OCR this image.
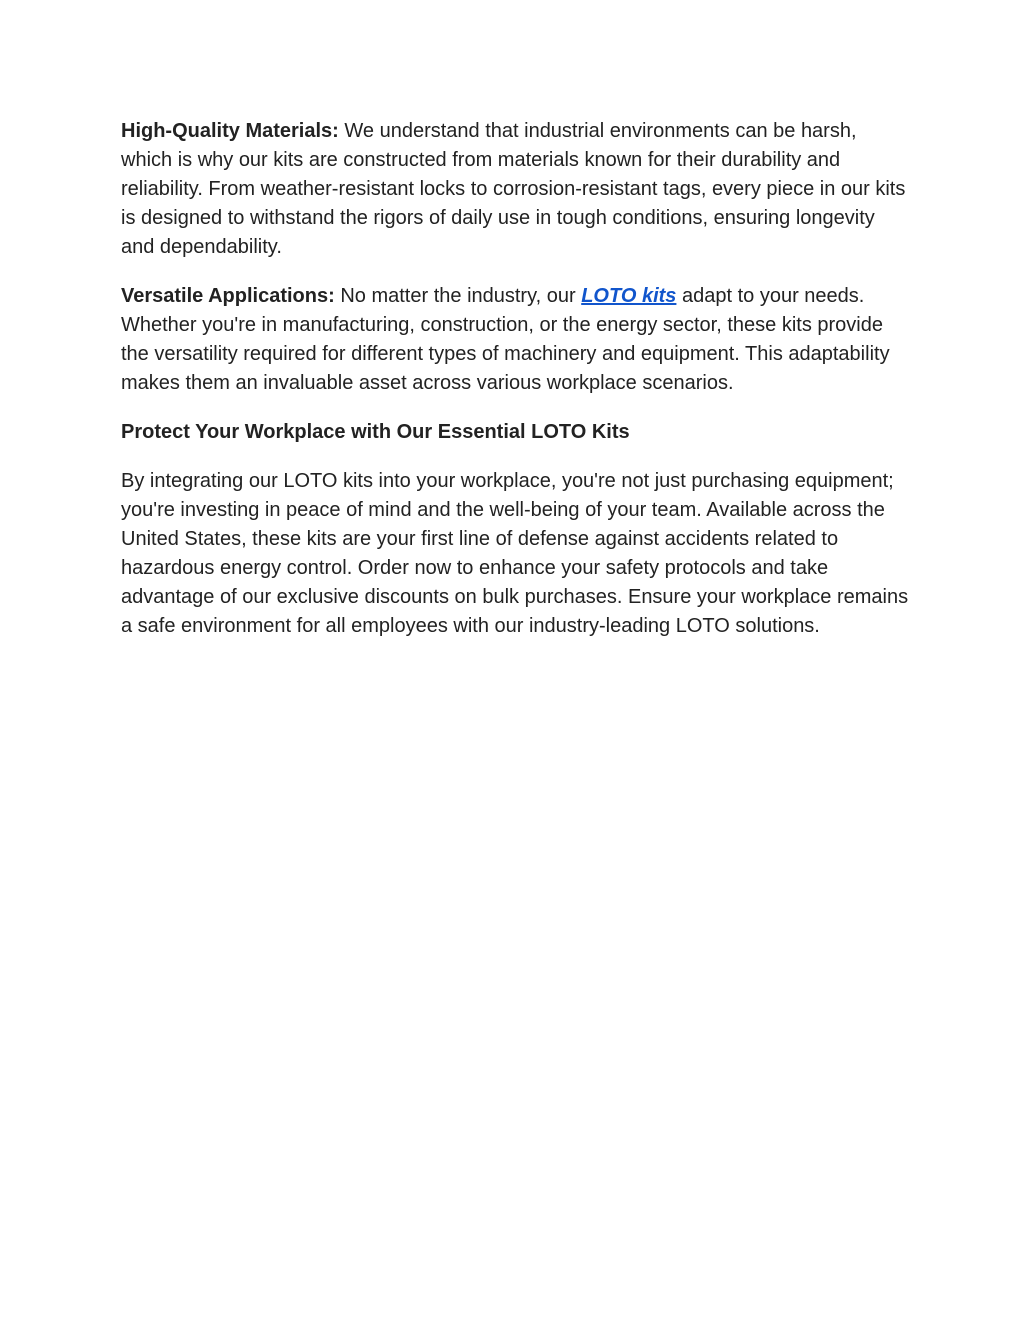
High-Quality Materials: We understand that industrial environments can be harsh, which is why our kits are constructed from materials known for their durability and reliability. From weather-resistant locks to corrosion-resistant tags, every piece in our kits is designed to withstand the rigors of daily use in tough conditions, ensuring longevity and dependability.

Versatile Applications: No matter the industry, our LOTO kits adapt to your needs. Whether you're in manufacturing, construction, or the energy sector, these kits provide the versatility required for different types of machinery and equipment. This adaptability makes them an invaluable asset across various workplace scenarios.

Protect Your Workplace with Our Essential LOTO Kits

By integrating our LOTO kits into your workplace, you're not just purchasing equipment; you're investing in peace of mind and the well-being of your team. Available across the United States, these kits are your first line of defense against accidents related to hazardous energy control. Order now to enhance your safety protocols and take advantage of our exclusive discounts on bulk purchases. Ensure your workplace remains a safe environment for all employees with our industry-leading LOTO solutions.
